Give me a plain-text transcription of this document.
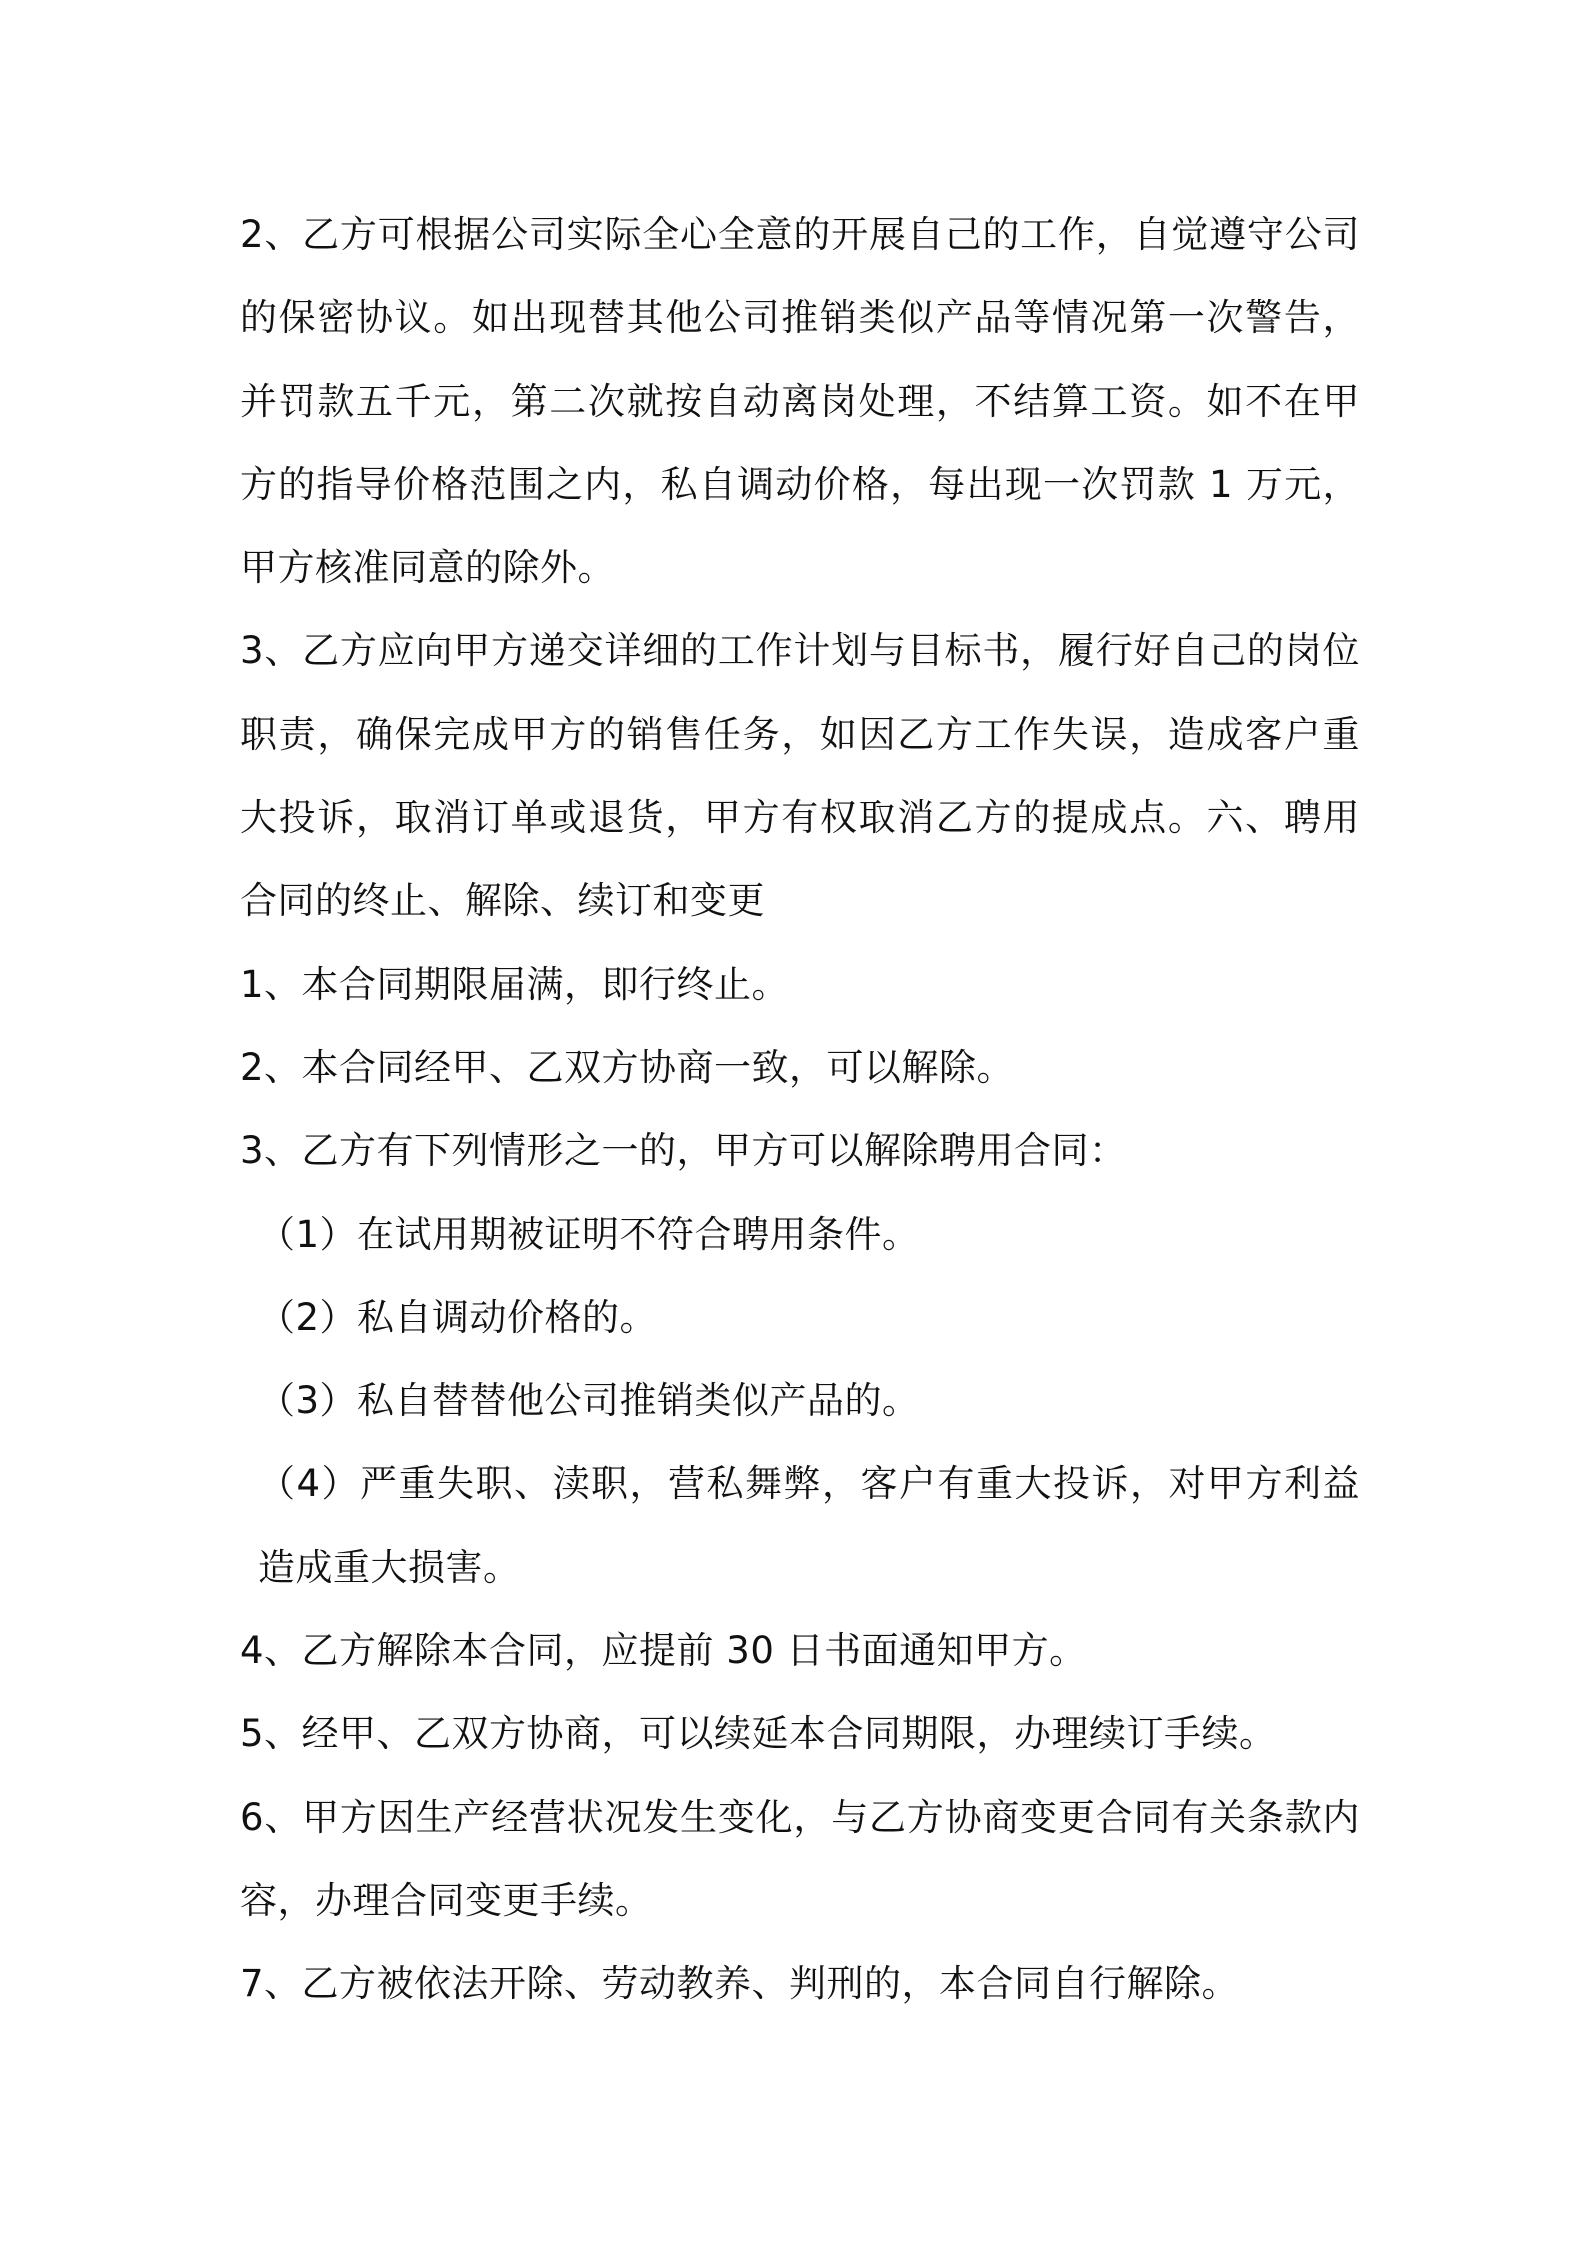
2、乙方可根据公司实际全心全意的开展自己的工作，自觉遵守公司的保密协议。如出现替其他公司推销类似产品等情况第一次警告，并罚款五千元，第二次就按自动离岗处理，不结算工资。如不在甲方的指导价格范围之内，私自调动价格，每出现一次罚款 1 万元，甲方核准同意的除外。

3、乙方应向甲方递交详细的工作计划与目标书，履行好自己的岗位职责，确保完成甲方的销售任务，如因乙方工作失误，造成客户重大投诉，取消订单或退货，甲方有权取消乙方的提成点。六、聘用合同的终止、解除、续订和变更

1、本合同期限届满，即行终止。

2、本合同经甲、乙双方协商一致，可以解除。

3、乙方有下列情形之一的，甲方可以解除聘用合同：

（1）在试用期被证明不符合聘用条件。

（2）私自调动价格的。

（3）私自替替他公司推销类似产品的。

（4）严重失职、渎职，营私舞弊，客户有重大投诉，对甲方利益造成重大损害。

4、乙方解除本合同，应提前 30 日书面通知甲方。

5、经甲、乙双方协商，可以续延本合同期限，办理续订手续。

6、甲方因生产经营状况发生变化，与乙方协商变更合同有关条款内容，办理合同变更手续。

7、乙方被依法开除、劳动教养、判刑的，本合同自行解除。
